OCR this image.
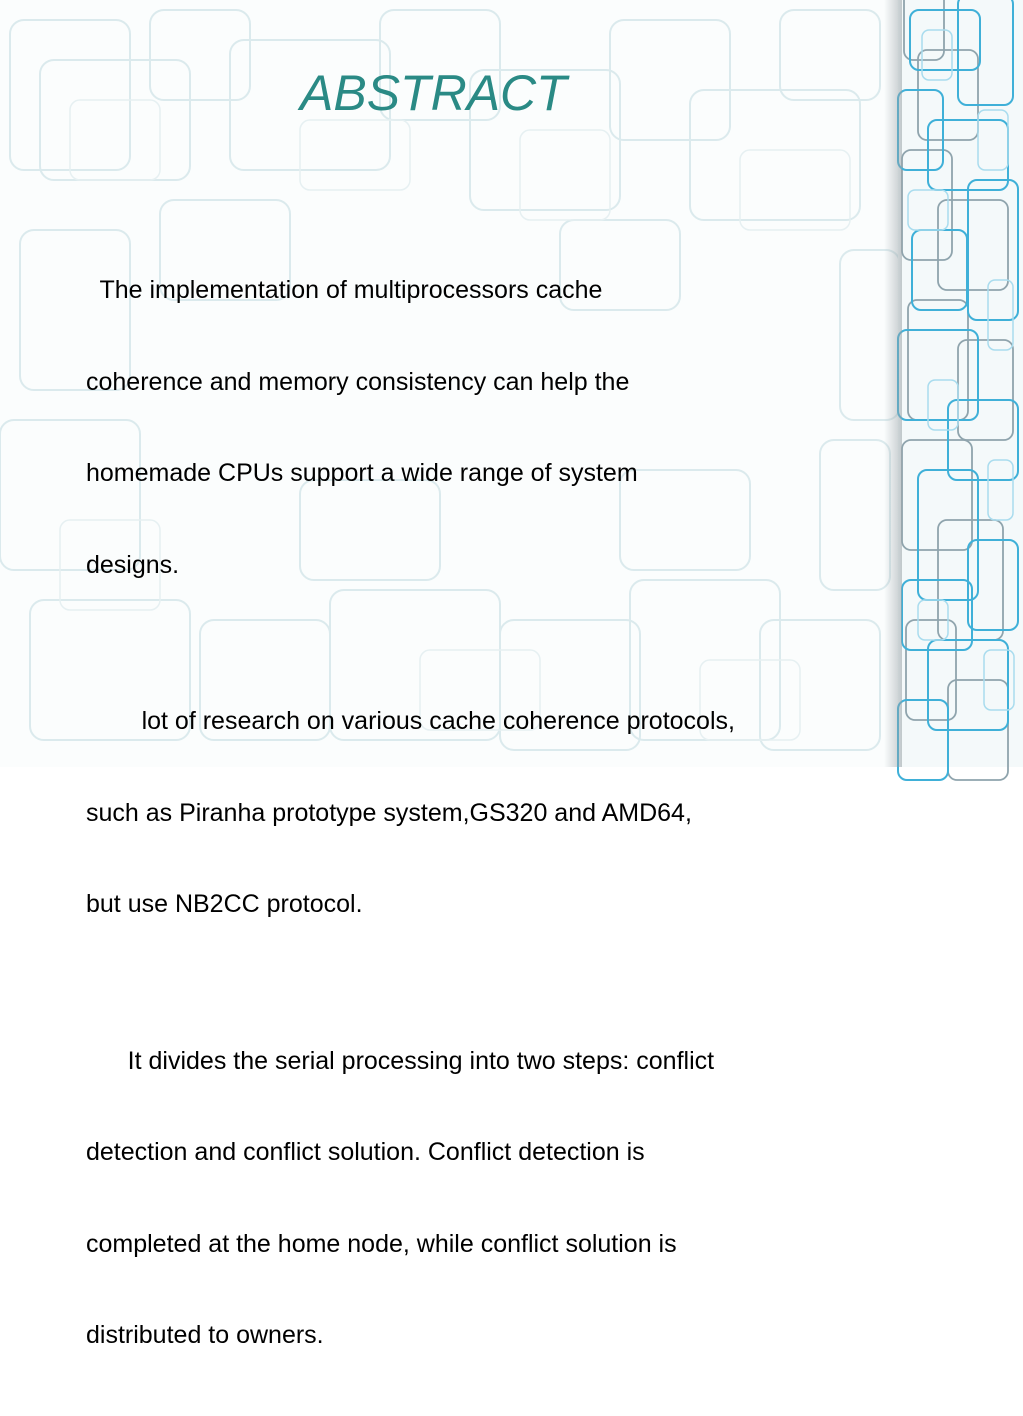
ABSTRACT

The implementation of multiprocessors cache

coherence and memory consistency can help the

homemade CPUs support a wide range of system

designs.

lot of research on various cache coherence protocols,

such as Piranha prototype system,GS320 and AMD64,

but use NB2CC protocol.

It divides the serial processing into two steps: conflict

detection and conflict solution. Conflict detection is

completed at the home node, while conflict solution is

distributed to owners.
